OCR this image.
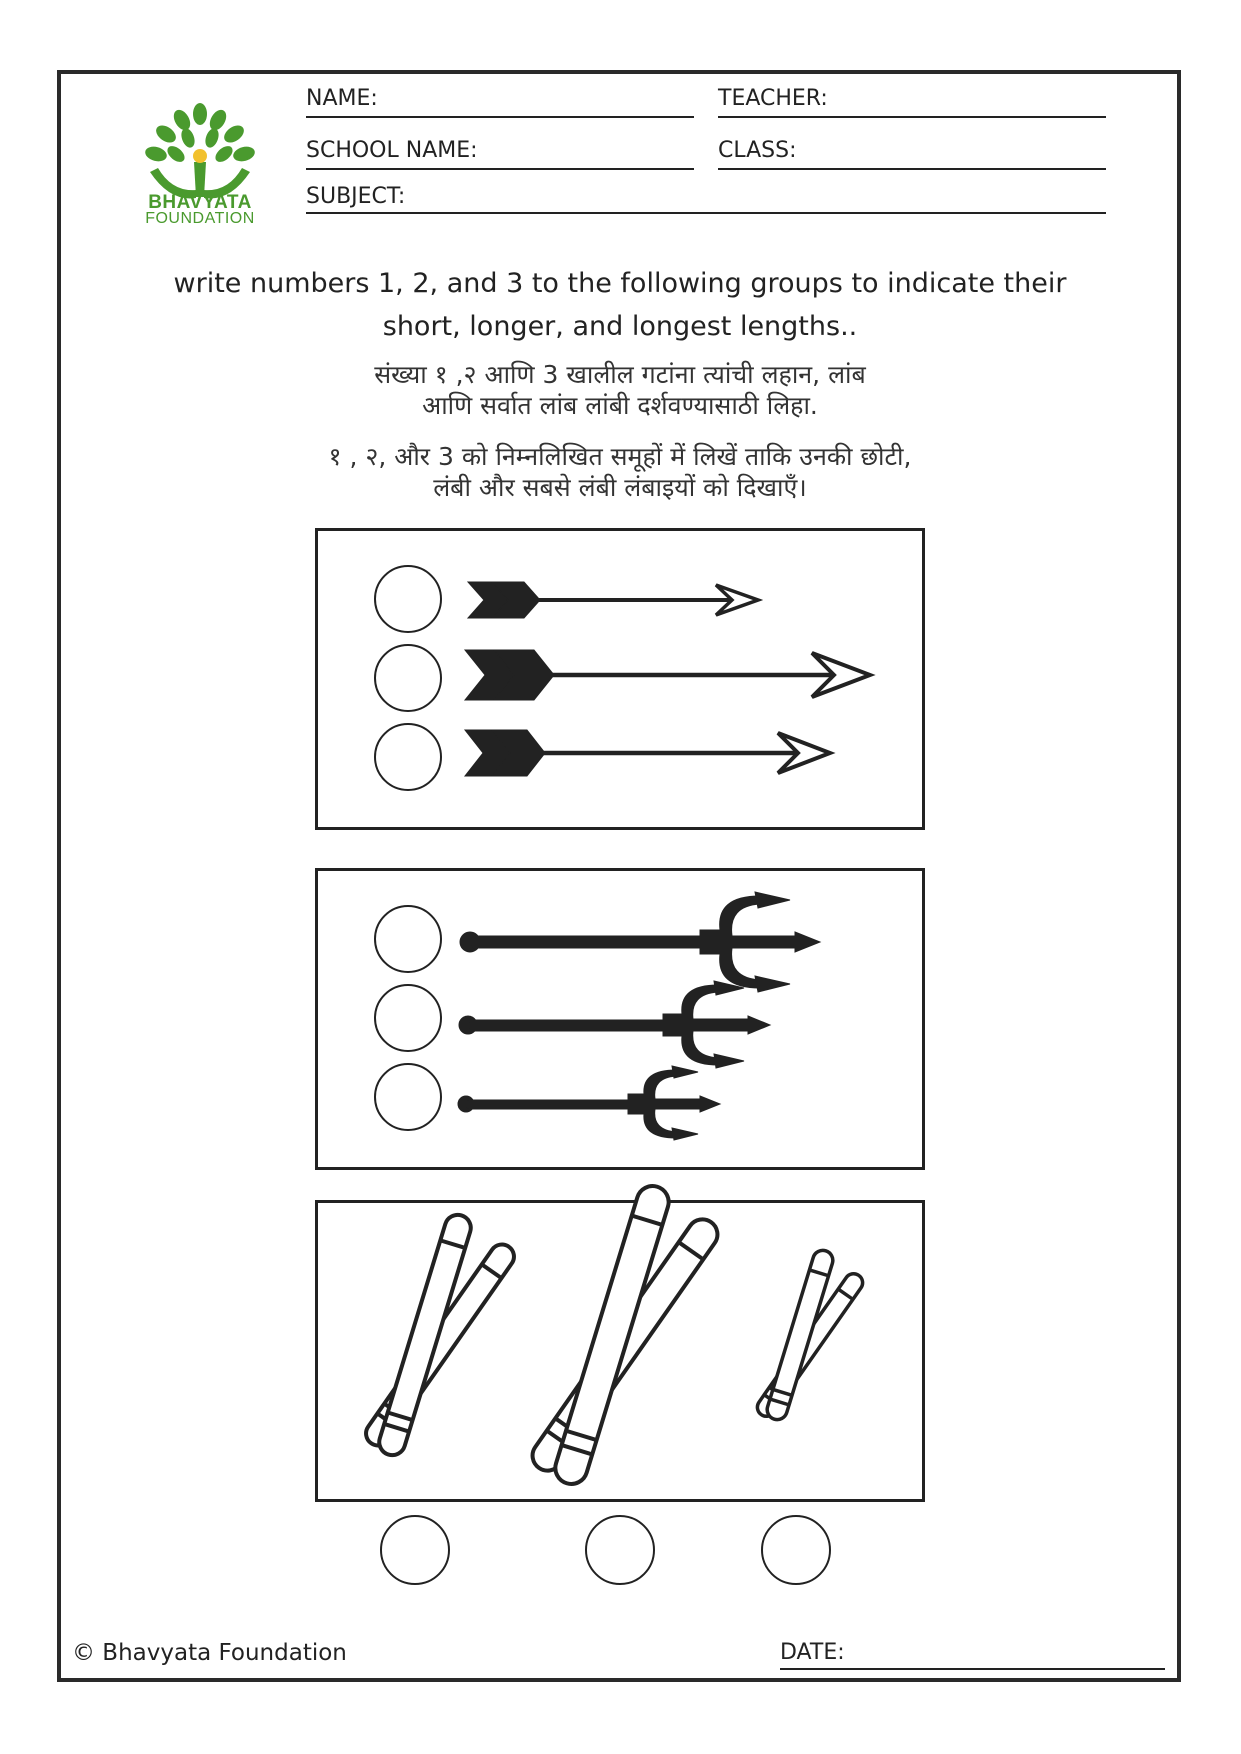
BHAVYATA
FOUNDATION
NAME:	TEACHER:
SCHOOL NAME:	CLASS:
SUBJECT:
write numbers 1, 2, and 3 to the following groups to indicate their
short, longer, and longest lengths..
संख्या १ ,२ आणि 3 खालील गटांना त्यांची लहान, लांब
आणि सर्वात लांब लांबी दर्शवण्यासाठी लिहा.
१ , २, और 3 को निम्नलिखित समूहों में लिखें ताकि उनकी छोटी,
लंबी और सबसे लंबी लंबाइयों को दिखाएँ।
© Bhavyata Foundation	DATE:
